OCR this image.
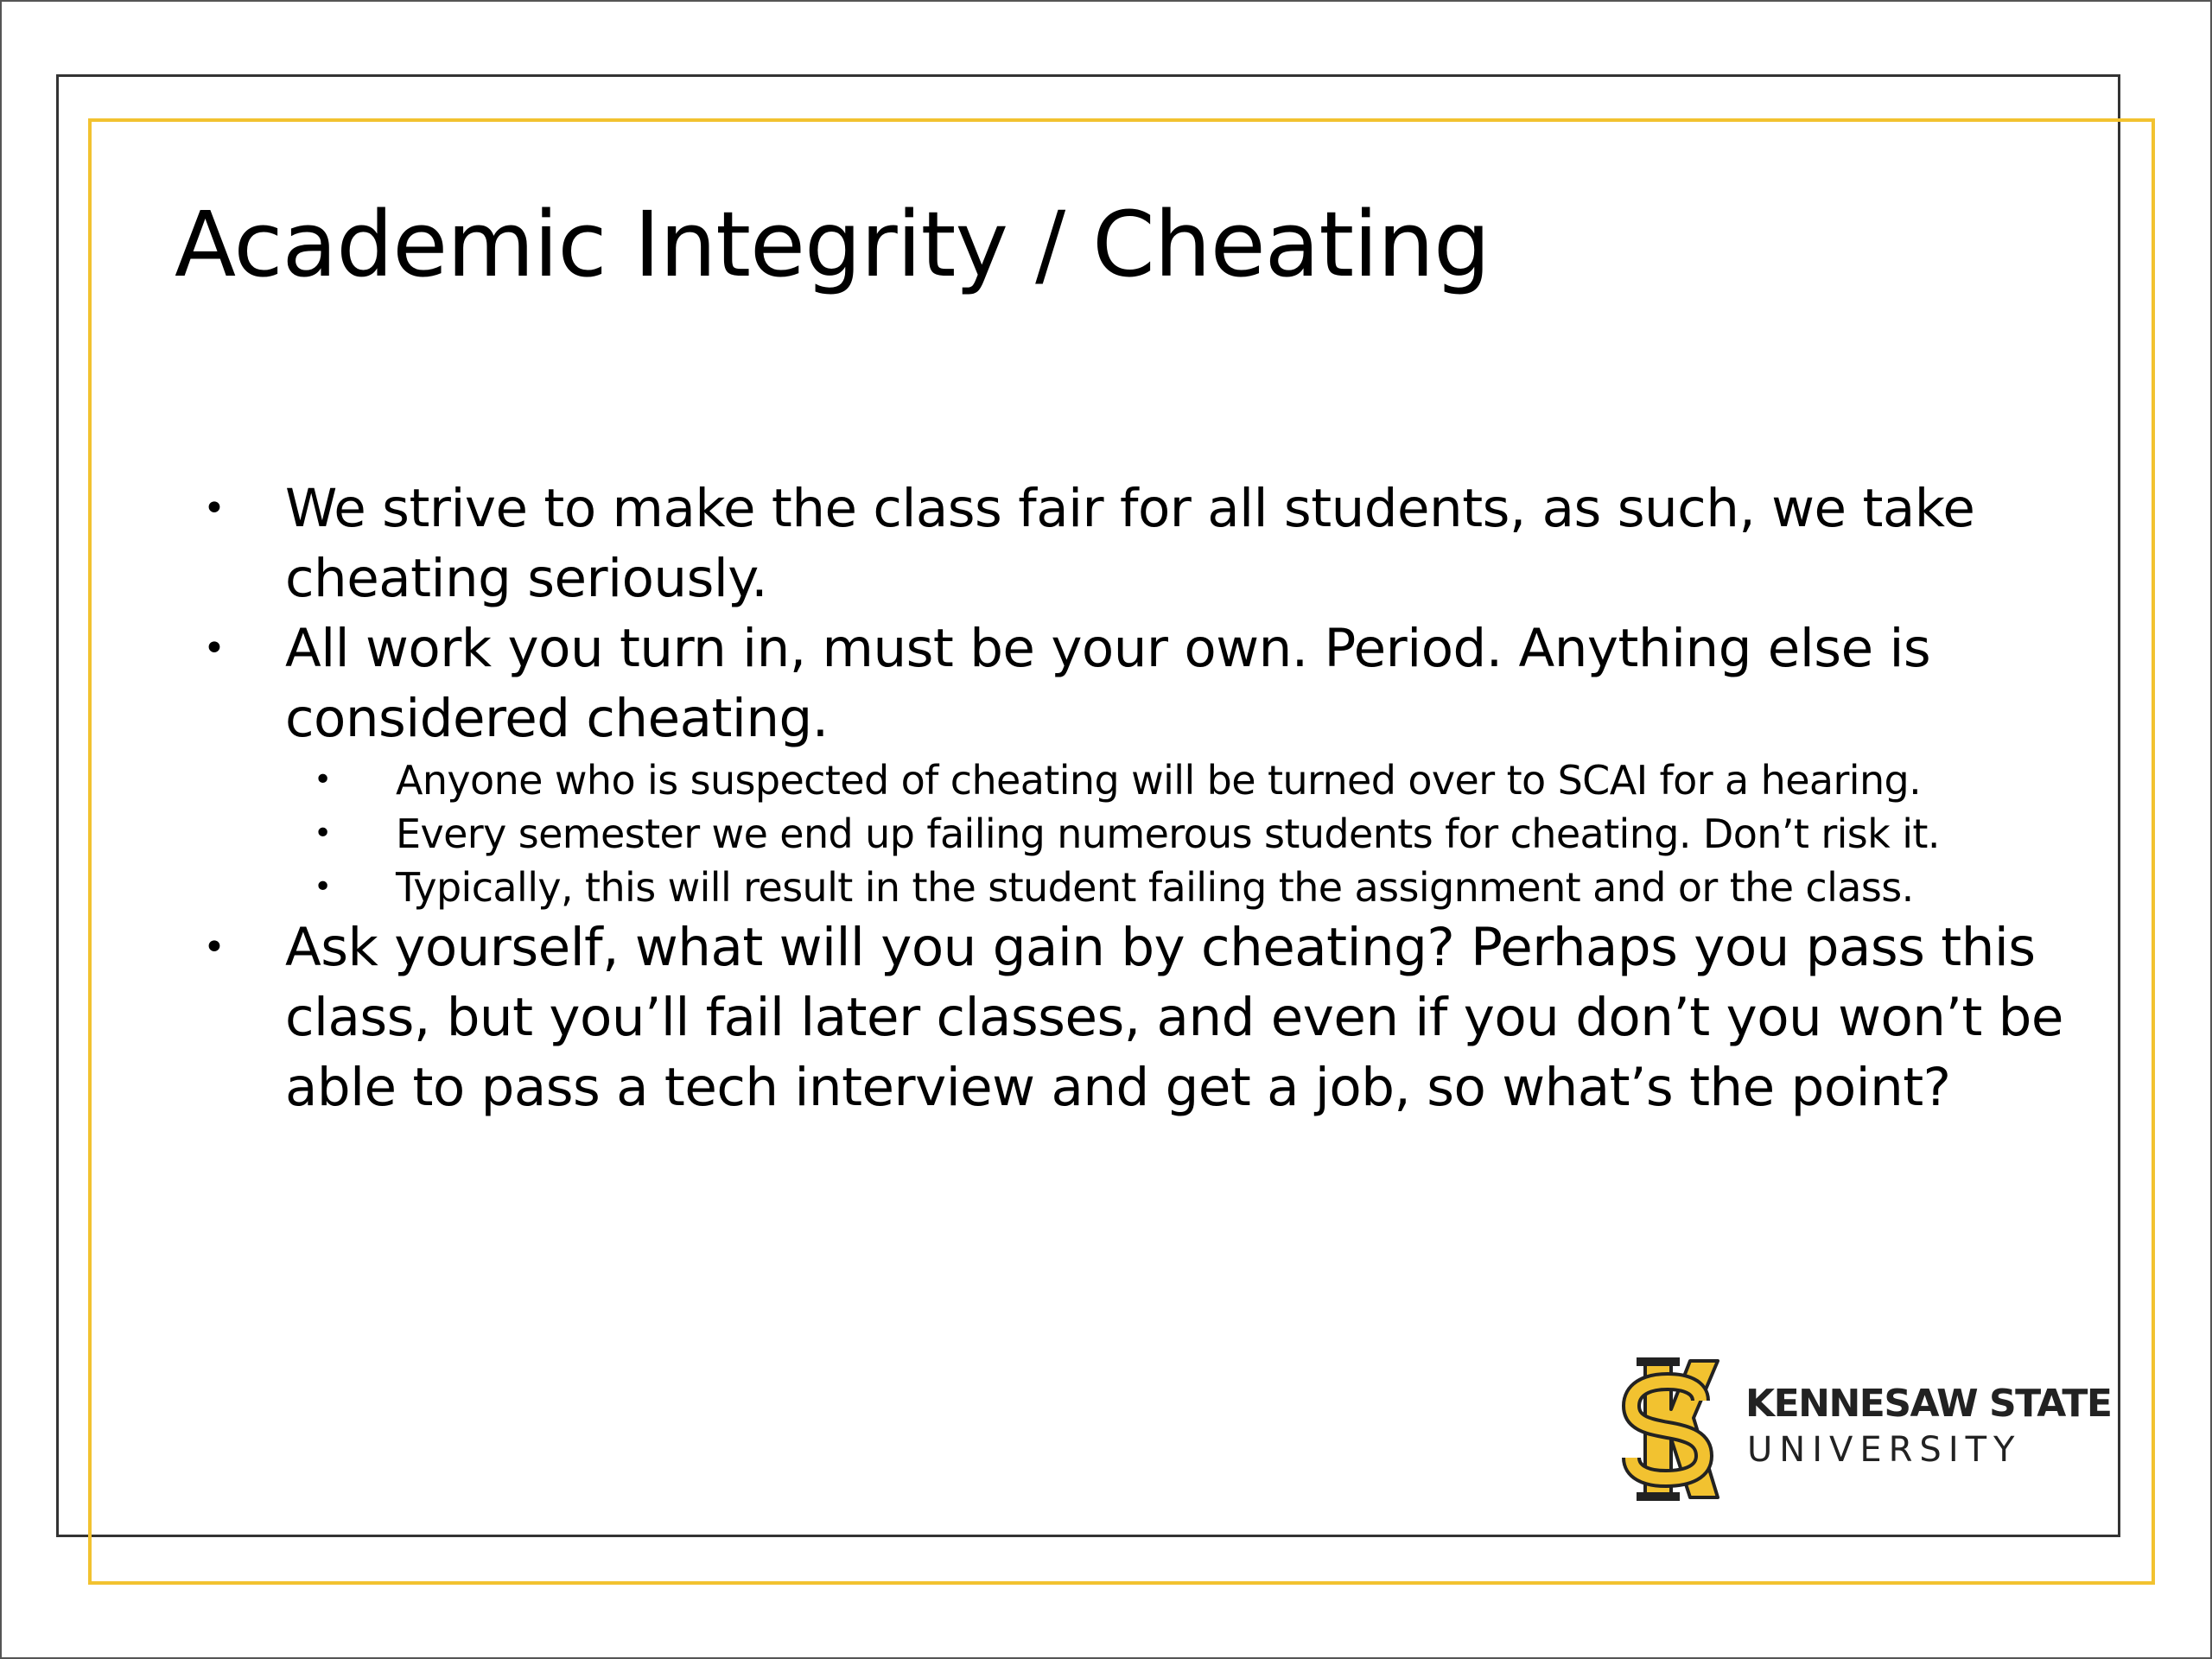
Academic Integrity / Cheating
• We strive to make the class fair for all students, as such, we take cheating seriously.
• All work you turn in, must be your own. Period. Anything else is considered cheating.
• Anyone who is suspected of cheating will be turned over to SCAI for a hearing.
• Every semester we end up failing numerous students for cheating. Don’t risk it.
• Typically, this will result in the student failing the assignment and or the class.
• Ask yourself, what will you gain by cheating? Perhaps you pass this class, but you’ll fail later classes, and even if you don’t you won’t be able to pass a tech interview and get a job, so what’s the point?
KENNESAW STATE
UNIVERSITY
